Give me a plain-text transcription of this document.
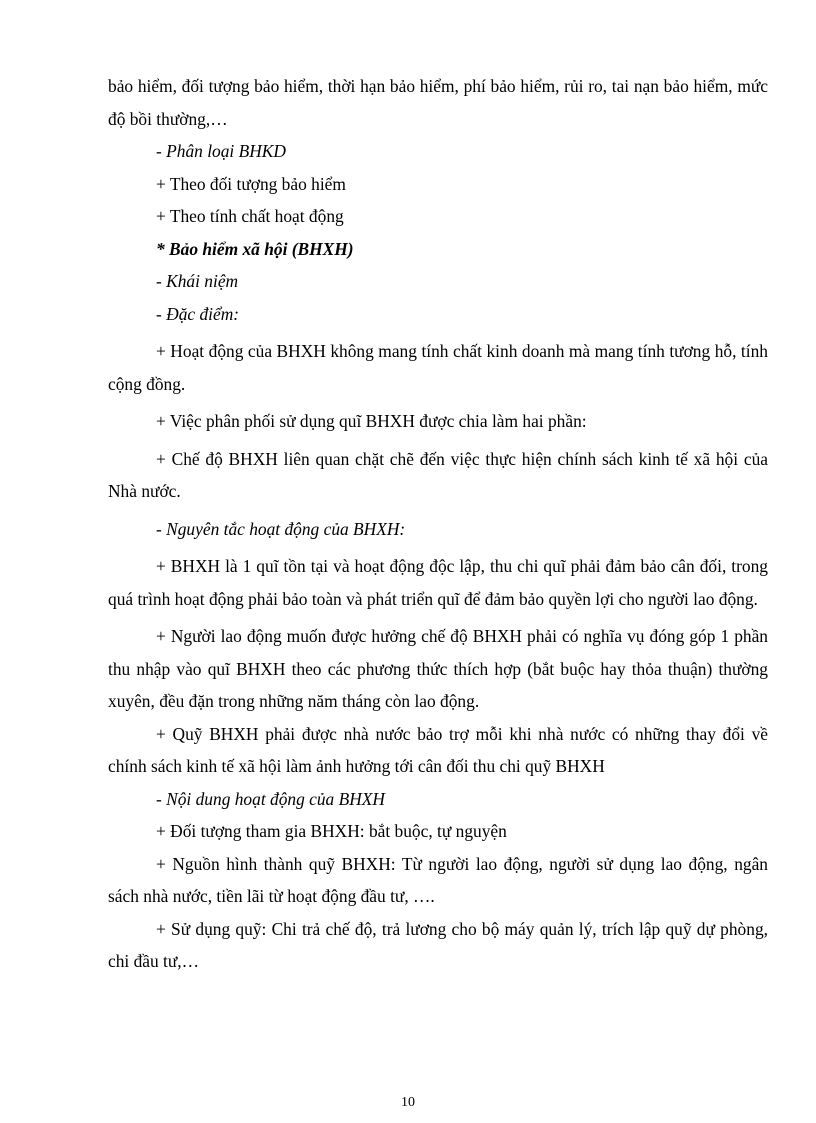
bảo hiểm, đối tượng bảo hiểm, thời hạn bảo hiểm, phí bảo hiểm, rủi ro, tai nạn bảo hiểm, mức độ bồi thường,…

- Phân loại BHKD

+ Theo đối tượng bảo hiểm

+ Theo tính chất hoạt động

* Bảo hiểm xã hội (BHXH)

- Khái niệm

- Đặc điểm:

+ Hoạt động của BHXH không mang tính chất kinh doanh mà mang tính tương hỗ, tính cộng đồng.

+ Việc phân phối sử dụng quĩ BHXH được chia làm hai phần:

+ Chế độ BHXH liên quan chặt chẽ đến việc thực hiện chính sách kinh tế xã hội của Nhà nước.

- Nguyên tắc hoạt động của BHXH:

+ BHXH là 1 quĩ tồn tại và hoạt động độc lập, thu chi quĩ phải đảm bảo cân đối, trong quá trình hoạt động phải bảo toàn và phát triển quĩ để đảm bảo quyền lợi cho người lao động.

+ Người lao động muốn được hưởng chế độ BHXH phải có nghĩa vụ đóng góp 1 phần thu nhập vào quĩ BHXH theo các phương thức thích hợp (bắt buộc hay thỏa thuận) thường xuyên, đều đặn trong những năm tháng còn lao động.

+ Quỹ BHXH phải được nhà nước bảo trợ mỗi khi nhà nước có những thay đổi về chính sách kinh tế xã hội làm ảnh hưởng tới cân đối thu chi quỹ BHXH

- Nội dung hoạt động của BHXH

+ Đối tượng tham gia BHXH: bắt buộc, tự nguyện

+ Nguồn hình thành quỹ BHXH: Từ người lao động, người sử dụng lao động, ngân sách nhà nước, tiền lãi từ hoạt động đầu tư, ….

+ Sử dụng quỹ: Chi trả chế độ, trả lương cho bộ máy quản lý, trích lập quỹ dự phòng, chi đầu tư,…

10
